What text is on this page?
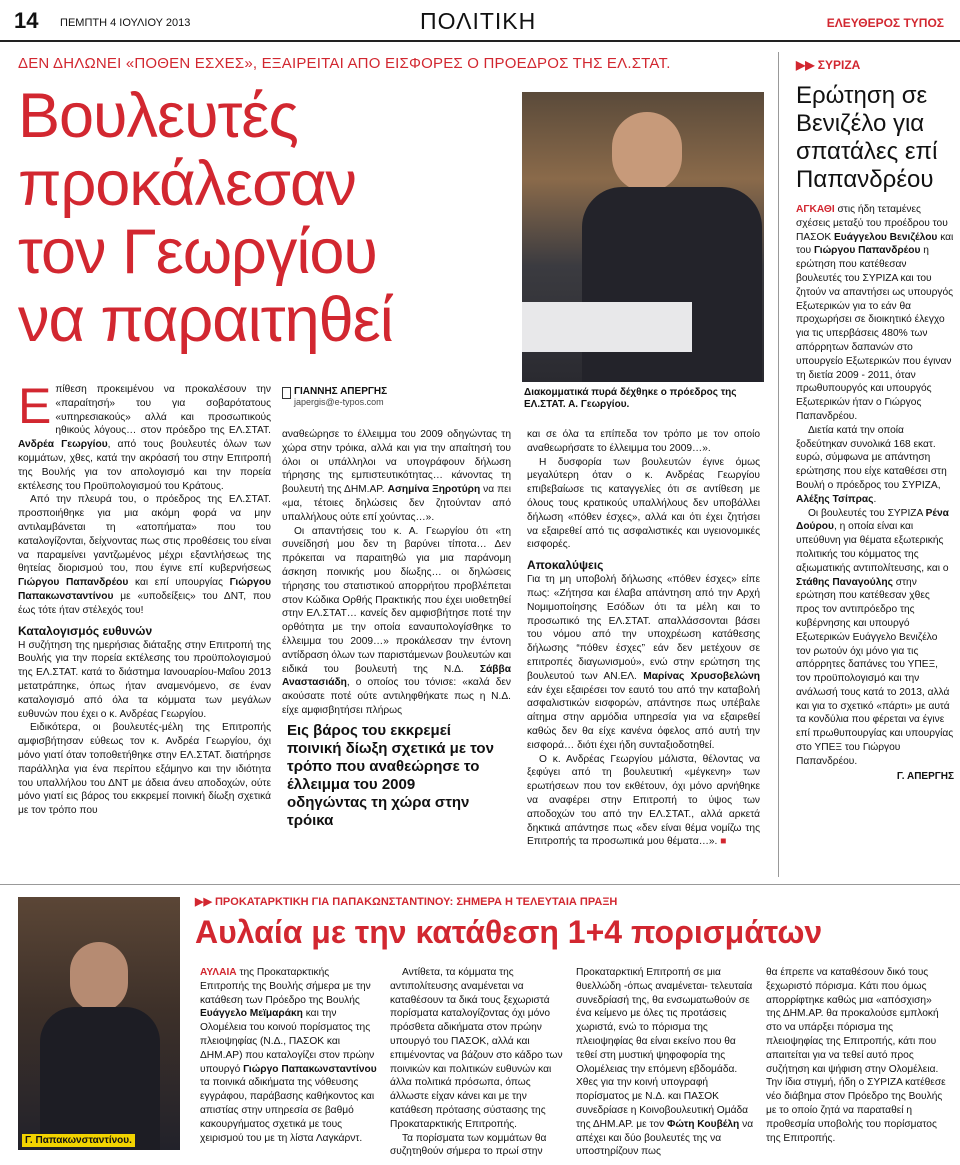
14 ΠΕΜΠΤΗ 4 ΙΟΥΛΙΟΥ 2013	ΠΟΛΙΤΙΚΗ	ΕΛΕΥΘΕΡΟΣ ΤΥΠΟΣ
ΔΕΝ ΔΗΛΩΝΕΙ «ΠΟΘΕΝ ΕΣΧΕΣ», ΕΞΑΙΡΕΙΤΑΙ ΑΠΟ ΕΙΣΦΟΡΕΣ Ο ΠΡΟΕΔΡΟΣ ΤΗΣ ΕΛ.ΣΤΑΤ.
Βουλευτές
προκάλεσαν
τον Γεωργίου
να παραιτηθεί

Επίθεση προκειμένου να προκαλέσουν την «παραίτησή» του για σοβαρότατους «υπηρεσιακούς» αλλά και προσωπικούς ηθικούς λόγους… στον πρόεδρο της ΕΛ.ΣΤΑΤ. Ανδρέα Γεωργίου, από τους βουλευτές όλων των κομμάτων, χθες, κατά την ακρόασή του στην Επιτροπή της Βουλής για τον απολογισμό και την πορεία εκτέλεσης του Προϋπολογισμού του Κράτους.

Από την πλευρά του, ο πρόεδρος της ΕΛ.ΣΤΑΤ. προσποιήθηκε για μια ακόμη φορά να μην αντιλαμβάνεται τη «ατοπήματα» που του καταλογίζονται, δείχνοντας πως στις προθέσεις του είναι να παραμείνει γαντζωμένος μέχρι εξαντλήσεως της θητείας διορισμού του, που έγινε επί κυβερνήσεως Γιώργου Παπανδρέου και επί υπουργίας Γιώργου Παπακωνσταντίνου με «υποδείξεις» του ΔΝΤ, που έως τότε ήταν στέλεχός του!

Καταλογισμός ευθυνών

Η συζήτηση της ημερήσιας διάταξης στην Επιτροπή της Βουλής για την πορεία εκτέλεσης του προϋπολογισμού της ΕΛ.ΣΤΑΤ. κατά το διάστημα Ιανουαρίου-Μαΐου 2013 μετατράπηκε, όπως ήταν αναμενόμενο, σε έναν καταλογισμό από όλα τα κόμματα των μεγάλων ευθυνών που έχει ο κ. Ανδρέας Γεωργίου.

Ειδικότερα, οι βουλευτές-μέλη της Επιτροπής αμφισβήτησαν εύθεως τον κ. Ανδρέα Γεωργίου, όχι μόνο γιατί όταν τοποθετήθηκε στην ΕΛ.ΣΤΑΤ. διατήρησε παράλληλα για ένα περίπου εξάμηνο και την ιδιότητα του υπαλλήλου του ΔΝΤ με άδεια άνευ αποδοχών, ούτε μόνο γιατί εις βάρος του εκκρεμεί ποινική δίωξη σχετικά με τον τρόπο που

ΓΙΑΝΝΗΣ ΑΠΕΡΓΗΣ
japergis@e-typos.com

αναθεώρησε το έλλειμμα του 2009 οδηγώντας τη χώρα στην τρόικα, αλλά και για την απαίτησή του όλοι οι υπάλληλοι να υπογράφουν δήλωση τήρησης της εμπιστευτικότητας… κάνοντας τη βουλευτή της ΔΗΜ.ΑΡ. Ασημίνα Ξηροτύρη να πει «μα, τέτοιες δηλώσεις δεν ζητούνταν από υπαλλήλους ούτε επί χούντας…».

Οι απαντήσεις του κ. Α. Γεωργίου ότι «τη συνείδησή μου δεν τη βαρύνει τίποτα… Δεν πρόκειται να παραιτηθώ για μια παράνομη άσκηση ποινικής μου δίωξης… οι δηλώσεις τήρησης του στατιστικού απορρήτου προβλέπεται στον Κώδικα Ορθής Πρακτικής που έχει υιοθετηθεί στην ΕΛ.ΣΤΑΤ… κανείς δεν αμφισβήτησε ποτέ την ορθότητα με την οποία εαναυπολογίσθηκε το έλλειμμα του 2009…» προκάλεσαν την έντονη αντίδραση όλων των παριστάμενων βουλευτών και ειδικά του βουλευτή της Ν.Δ. Σάββα Αναστασιάδη, ο οποίος του τόνισε: «καλά δεν ακούσατε ποτέ ούτε αντιληφθήκατε πως η Ν.Δ. είχε αμφισβητήσει πλήρως

Εις βάρος του εκκρεμεί ποινική δίωξη σχετικά με τον τρόπο που αναθεώρησε το έλλειμμα του 2009 οδηγώντας τη χώρα στην τρόικα
Διακομματικά πυρά δέχθηκε ο πρόεδρος της ΕΛ.ΣΤΑΤ. Α. Γεωργίου.

και σε όλα τα επίπεδα τον τρόπο με τον οποίο αναθεωρήσατε το έλλειμμα του 2009…».

Η δυσφορία των βουλευτών έγινε όμως μεγαλύτερη όταν ο κ. Ανδρέας Γεωργίου επιβεβαίωσε τις καταγγελίες ότι σε αντίθεση με όλους τους κρατικούς υπαλλήλους δεν υποβάλλει δήλωση «πόθεν έσχες», αλλά και ότι έχει ζητήσει να εξαιρεθεί από τις ασφαλιστικές και υγειονομικές εισφορές.

Αποκαλύψεις

Για τη μη υποβολή δήλωσης «πόθεν έσχες» είπε πως: «Ζήτησα και έλαβα απάντηση από την Αρχή Νομιμοποίησης Εσόδων ότι τα μέλη και το προσωπικό της ΕΛ.ΣΤΑΤ. απαλλάσσονται βάσει του νόμου από την υποχρέωση κατάθεσης δήλωσης “πόθεν έσχες” εάν δεν μετέχουν σε επιτροπές διαγωνισμού», ενώ στην ερώτηση της βουλευτού των ΑΝ.ΕΛ. Μαρίνας Χρυσοβελώνη εάν έχει εξαιρέσει τον εαυτό του από την καταβολή ασφαλιστικών εισφορών, απάντησε πως υπέβαλε αίτημα στην αρμόδια υπηρεσία για να εξαιρεθεί καθώς δεν θα είχε κανένα όφελος από αυτή την εισφορά… διότι έχει ήδη συνταξιοδοτηθεί.

Ο κ. Ανδρέας Γεωργίου μάλιστα, θέλοντας να ξεφύγει από τη βουλευτική «μέγκενη» των ερωτήσεων που τον εκθέτουν, όχι μόνο αρνήθηκε να αναφέρει στην Επιτροπή το ύψος των αποδοχών του από την ΕΛ.ΣΤΑΤ., αλλά αρκετά δηκτικά απάντησε πως «δεν είναι θέμα νομίζω της Επιτροπής τα προσωπικά μου θέματα…». ■

▶▶ ΣΥΡΙΖΑ
Ερώτηση σε Βενιζέλο για σπατάλες επί Παπανδρέου

ΑΓΚΑΘΙ στις ήδη τεταμένες σχέσεις μεταξύ του προέδρου του ΠΑΣΟΚ Ευάγγελου Βενιζέλου και του Γιώργου Παπανδρέου η ερώτηση που κατέθεσαν βουλευτές του ΣΥΡΙΖΑ και του ζητούν να απαντήσει ως υπουργός Εξωτερικών για το εάν θα προχωρήσει σε διοικητικό έλεγχο για τις υπερβάσεις 480% των απόρρητων δαπανών στο υπουργείο Εξωτερικών που έγιναν τη διετία 2009 - 2011, όταν πρωθυπουργός και υπουργός Εξωτερικών ήταν ο Γιώργος Παπανδρέου.

Διετία κατά την οποία ξοδεύτηκαν συνολικά 168 εκατ. ευρώ, σύμφωνα με απάντηση ερώτησης που είχε καταθέσει στη Βουλή ο πρόεδρος του ΣΥΡΙΖΑ, Αλέξης Τσίπρας.

Οι βουλευτές του ΣΥΡΙΖΑ Ρένα Δούρου, η οποία είναι και υπεύθυνη για θέματα εξωτερικής πολιτικής του κόμματος της αξιωματικής αντιπολίτευσης, και ο Στάθης Παναγούλης στην ερώτηση που κατέθεσαν χθες προς τον αντιπρόεδρο της κυβέρνησης και υπουργό Εξωτερικών Ευάγγελο Βενιζέλο τον ρωτούν όχι μόνο για τις απόρρητες δαπάνες του ΥΠΕΞ, τον προϋπολογισμό και την ανάλωσή τους κατά το 2013, αλλά και για το σχετικό «πάρτι» με αυτά τα κονδύλια που φέρεται να έγινε επί πρωθυπουργίας και υπουργίας στο ΥΠΕΞ του Γιώργου Παπανδρέου.

Γ. ΑΠΕΡΓΗΣ
Γ. Παπακωνσταντίνου.
▶▶ ΠΡΟΚΑΤΑΡΚΤΙΚΗ ΓΙΑ ΠΑΠΑΚΩΝΣΤΑΝΤΙΝΟΥ: ΣΗΜΕΡΑ Η ΤΕΛΕΥΤΑΙΑ ΠΡΑΞΗ
Αυλαία με την κατάθεση 1+4 πορισμάτων

ΑΥΛΑΙΑ της Προκαταρκτικής Επιτροπής της Βουλής σήμερα με την κατάθεση των Πρόεδρο της Βουλής Ευάγγελο Μεϊμαράκη και την Ολομέλεια του κοινού πορίσματος της πλειοψηφίας (Ν.Δ., ΠΑΣΟΚ και ΔΗΜ.ΑΡ) που καταλογίζει στον πρώην υπουργό Γιώργο Παπακωνσταντίνου τα ποινικά αδικήματα της νόθευσης εγγράφου, παράβασης καθήκοντος και απιστίας στην υπηρεσία σε βαθμό κακουργήματος σχετικά με τους χειρισμού του με τη λίστα Λαγκάρντ.

Αντίθετα, τα κόμματα της αντιπολίτευσης αναμένεται να καταθέσουν τα δικά τους ξεχωριστά πορίσματα καταλογίζοντας όχι μόνο πρόσθετα αδικήματα στον πρώην υπουργό του ΠΑΣΟΚ, αλλά και επιμένοντας να βάζουν στο κάδρο των ποινικών και πολιτικών ευθυνών και άλλα πολιτικά πρόσωπα, όπως άλλωστε είχαν κάνει και με την κατάθεση πρότασης σύστασης της Προκαταρκτικής Επιτροπής.

Τα πορίσματα των κομμάτων θα συζητηθούν σήμερα το πρωί στην

Προκαταρκτική Επιτροπή σε μια θυελλώδη -όπως αναμένεται- τελευταία συνεδρίασή της, θα ενσωματωθούν σε ένα κείμενο με όλες τις προτάσεις χωριστά, ενώ το πόρισμα της πλειοψηφίας θα είναι εκείνο που θα τεθεί στη μυστική ψηφοφορία της Ολομέλειας την επόμενη εβδομάδα. Χθες για την κοινή υπογραφή πορίσματος με Ν.Δ. και ΠΑΣΟΚ συνεδρίασε η Κοινοβουλευτική Ομάδα της ΔΗΜ.ΑΡ. με τον Φώτη Κουβέλη να απέχει και δύο βουλευτές της να υποστηρίζουν πως

θα έπρεπε να καταθέσουν δικό τους ξεχωριστό πόρισμα. Κάτι που όμως απορρίφτηκε καθώς μια «απόσχιση» της ΔΗΜ.ΑΡ. θα προκαλούσε εμπλοκή στο να υπάρξει πόρισμα της πλειοψηφίας της Επιτροπής, κάτι που απαιτείται για να τεθεί αυτό προς συζήτηση και ψήφιση στην Ολομέλεια. Την ίδια στιγμή, ήδη ο ΣΥΡΙΖΑ κατέθεσε νέο διάβημα στον Πρόεδρο της Βουλής με το οποίο ζητά να παραταθεί η προθεσμία υποβολής του πορίσματος της Επιτροπής.
